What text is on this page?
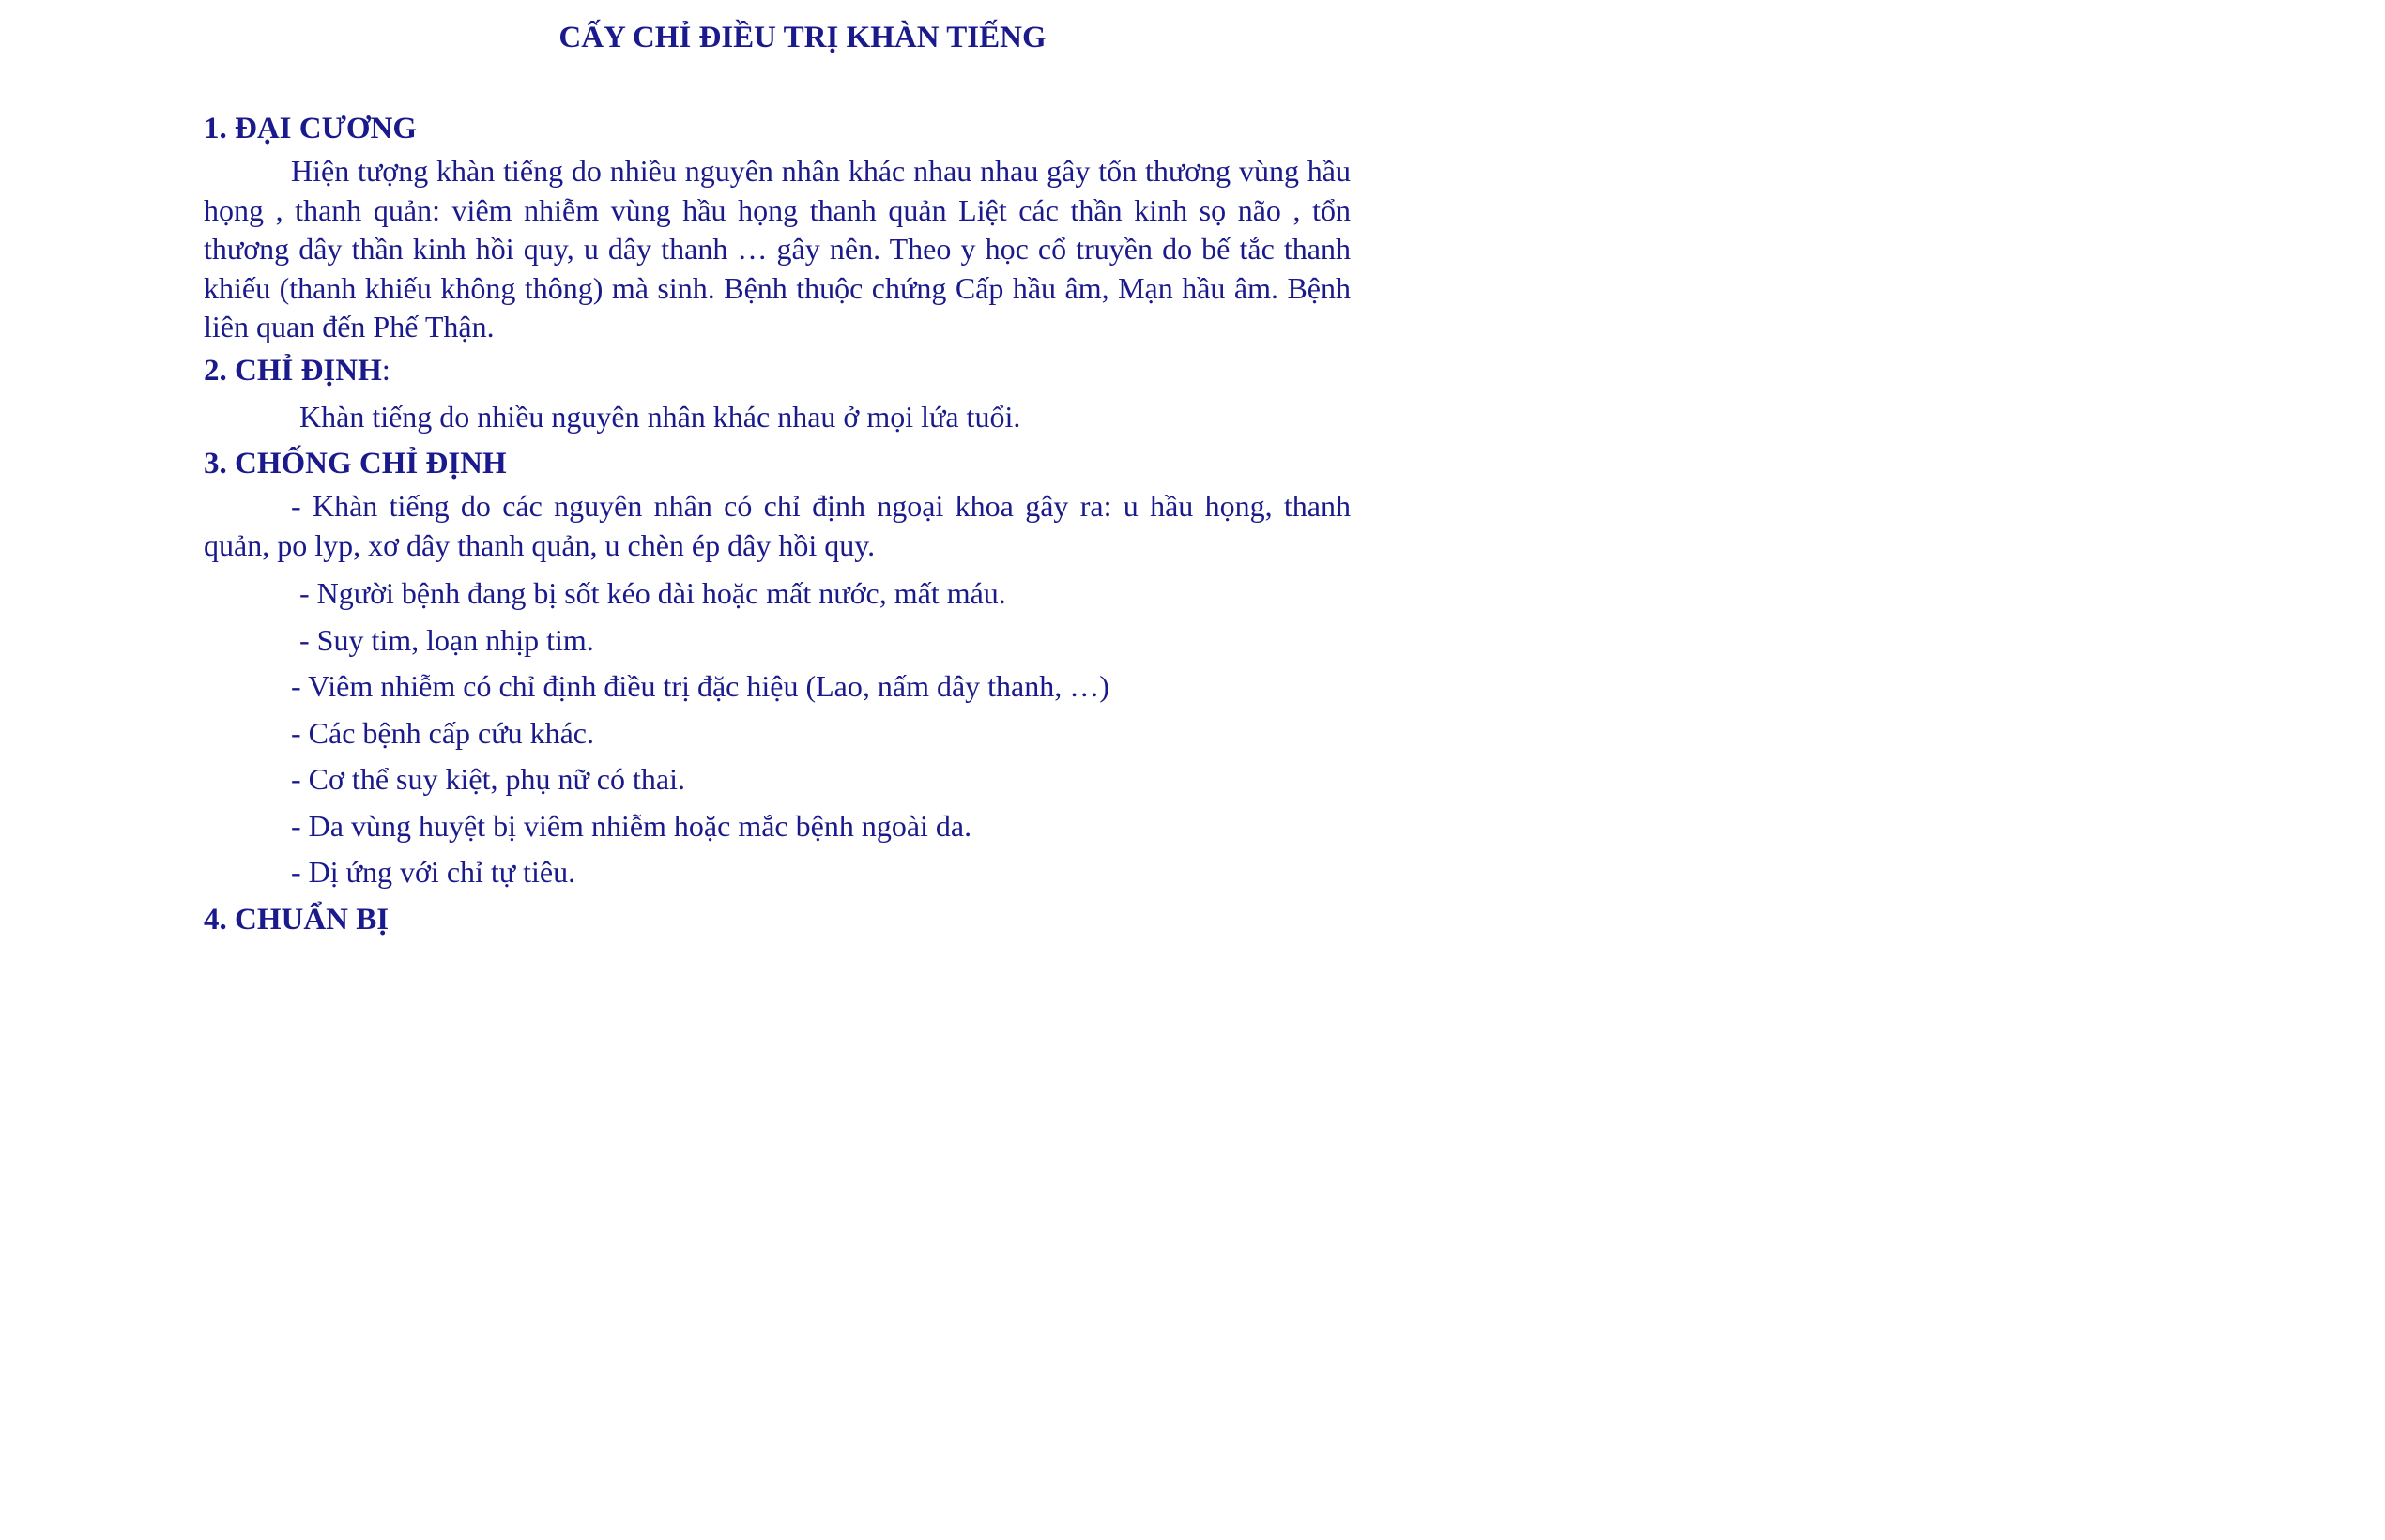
CẤY CHỈ ĐIỀU TRỊ KHÀN TIẾNG
1. ĐẠI CƯƠNG

Hiện tượng khàn tiếng do nhiều nguyên nhân khác nhau nhau gây tổn thương vùng hầu họng , thanh quản: viêm nhiễm vùng hầu họng thanh quản Liệt các thần kinh sọ não , tổn thương dây thần kinh hồi quy, u dây thanh … gây nên. Theo y học cổ truyền do bế tắc thanh khiếu (thanh khiếu không thông) mà sinh. Bệnh thuộc chứng Cấp hầu âm, Mạn hầu âm. Bệnh liên quan đến Phế Thận.

2. CHỈ ĐỊNH:

Khàn tiếng do nhiều nguyên nhân khác nhau ở mọi lứa tuổi.

3. CHỐNG CHỈ ĐỊNH

- Khàn tiếng do các nguyên nhân có chỉ định ngoại khoa gây ra: u hầu họng, thanh quản, po lyp, xơ dây thanh quản, u chèn ép dây hồi quy.

- Người bệnh đang bị sốt kéo dài hoặc mất nước, mất máu.

- Suy tim, loạn nhịp tim.

- Viêm nhiễm có chỉ định điều trị đặc hiệu (Lao, nấm dây thanh, …)

- Các bệnh cấp cứu khác.

- Cơ thể suy kiệt, phụ nữ có thai.

- Da vùng huyệt bị viêm nhiễm hoặc mắc bệnh ngoài da.

- Dị ứng với chỉ tự tiêu.

4. CHUẨN BỊ
